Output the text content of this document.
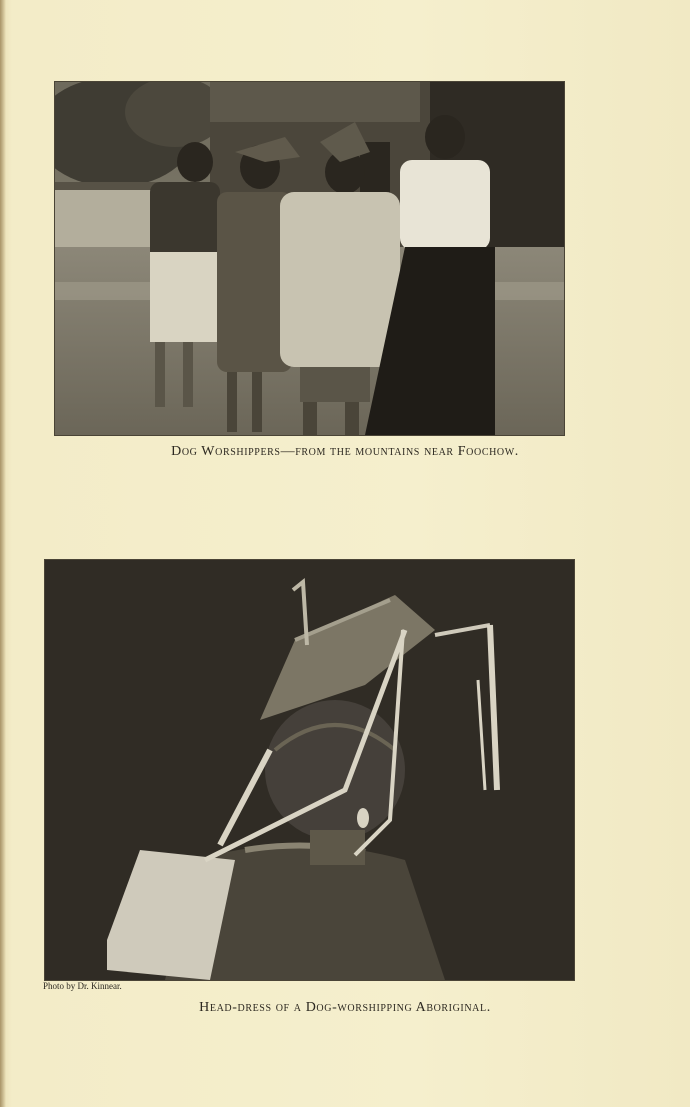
Dog Worshippers—from the mountains near Foochow.
Photo by Dr. Kinnear.
Head-dress of a Dog-worshipping Aboriginal.
